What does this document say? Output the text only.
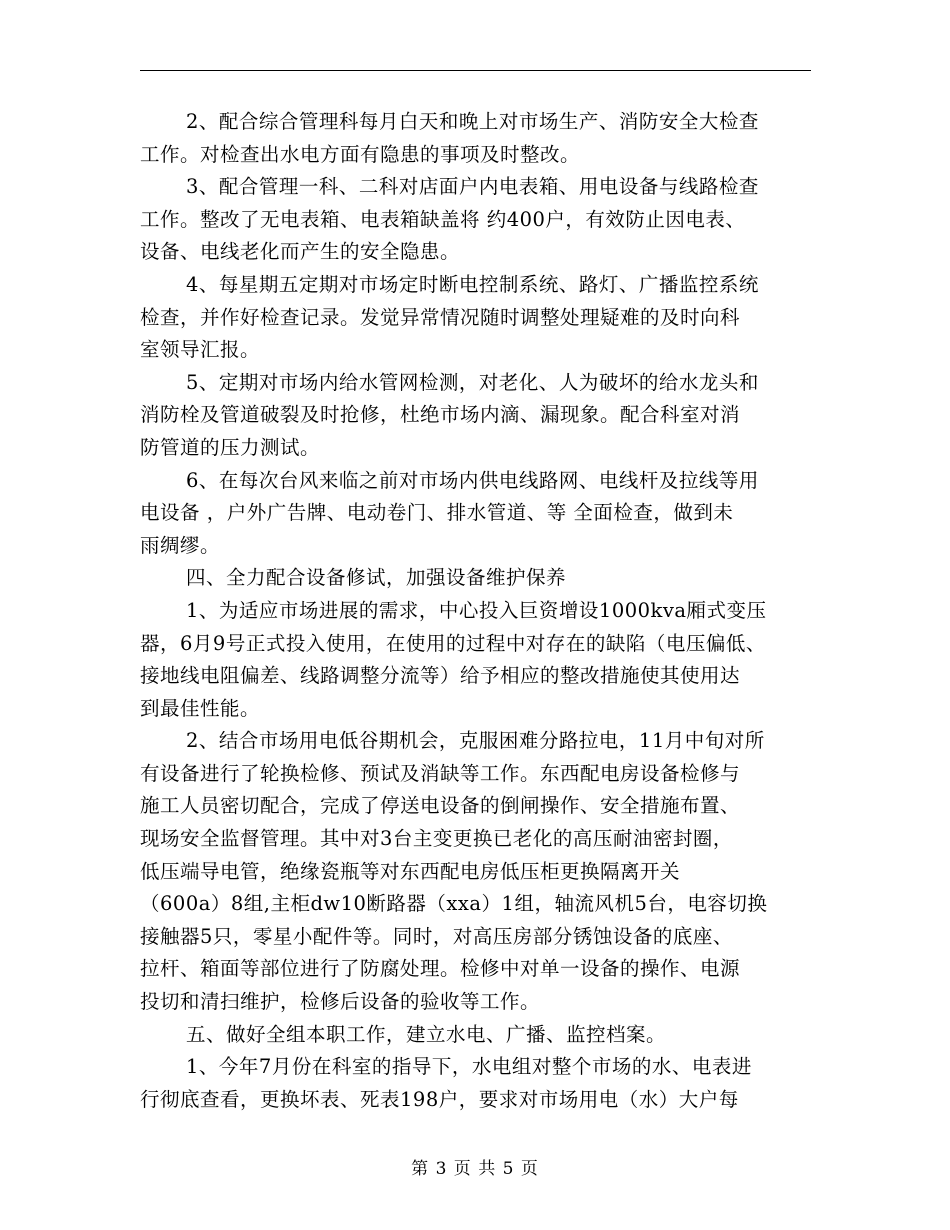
2、配合综合管理科每月白天和晚上对市场生产、消防安全大检查
工作。对检查出水电方面有隐患的事项及时整改。
3、配合管理一科、二科对店面户内电表箱、用电设备与线路检查
工作。整改了无电表箱、电表箱缺盖将 约400户，有效防止因电表、
设备、电线老化而产生的安全隐患。
4、每星期五定期对市场定时断电控制系统、路灯、广播监控系统
检查，并作好检查记录。发觉异常情况随时调整处理疑难的及时向科
室领导汇报。
5、定期对市场内给水管网检测，对老化、人为破坏的给水龙头和
消防栓及管道破裂及时抢修，杜绝市场内滴、漏现象。配合科室对消
防管道的压力测试。
6、在每次台风来临之前对市场内供电线路网、电线杆及拉线等用
电设备 ，户外广告牌、电动卷门、排水管道、等 全面检查，做到未
雨绸缪。
四、全力配合设备修试，加强设备维护保养
1、为适应市场进展的需求，中心投入巨资增设1000kva厢式变压
器，6月9号正式投入使用，在使用的过程中对存在的缺陷（电压偏低、
接地线电阻偏差、线路调整分流等）给予相应的整改措施使其使用达
到最佳性能。
2、结合市场用电低谷期机会，克服困难分路拉电，11月中旬对所
有设备进行了轮换检修、预试及消缺等工作。东西配电房设备检修与
施工人员密切配合，完成了停送电设备的倒闸操作、安全措施布置、
现场安全监督管理。其中对3台主变更换已老化的高压耐油密封圈，
低压端导电管，绝缘瓷瓶等对东西配电房低压柜更换隔离开关
（600a）8组,主柜dw10断路器（xxa）1组，轴流风机5台，电容切换
接触器5只，零星小配件等。同时，对高压房部分锈蚀设备的底座、
拉杆、箱面等部位进行了防腐处理。检修中对单一设备的操作、电源
投切和清扫维护，检修后设备的验收等工作。
五、做好全组本职工作，建立水电、广播、监控档案。
1、今年7月份在科室的指导下，水电组对整个市场的水、电表进
行彻底查看，更换坏表、死表198户，要求对市场用电（水）大户每
第 3 页 共 5 页
